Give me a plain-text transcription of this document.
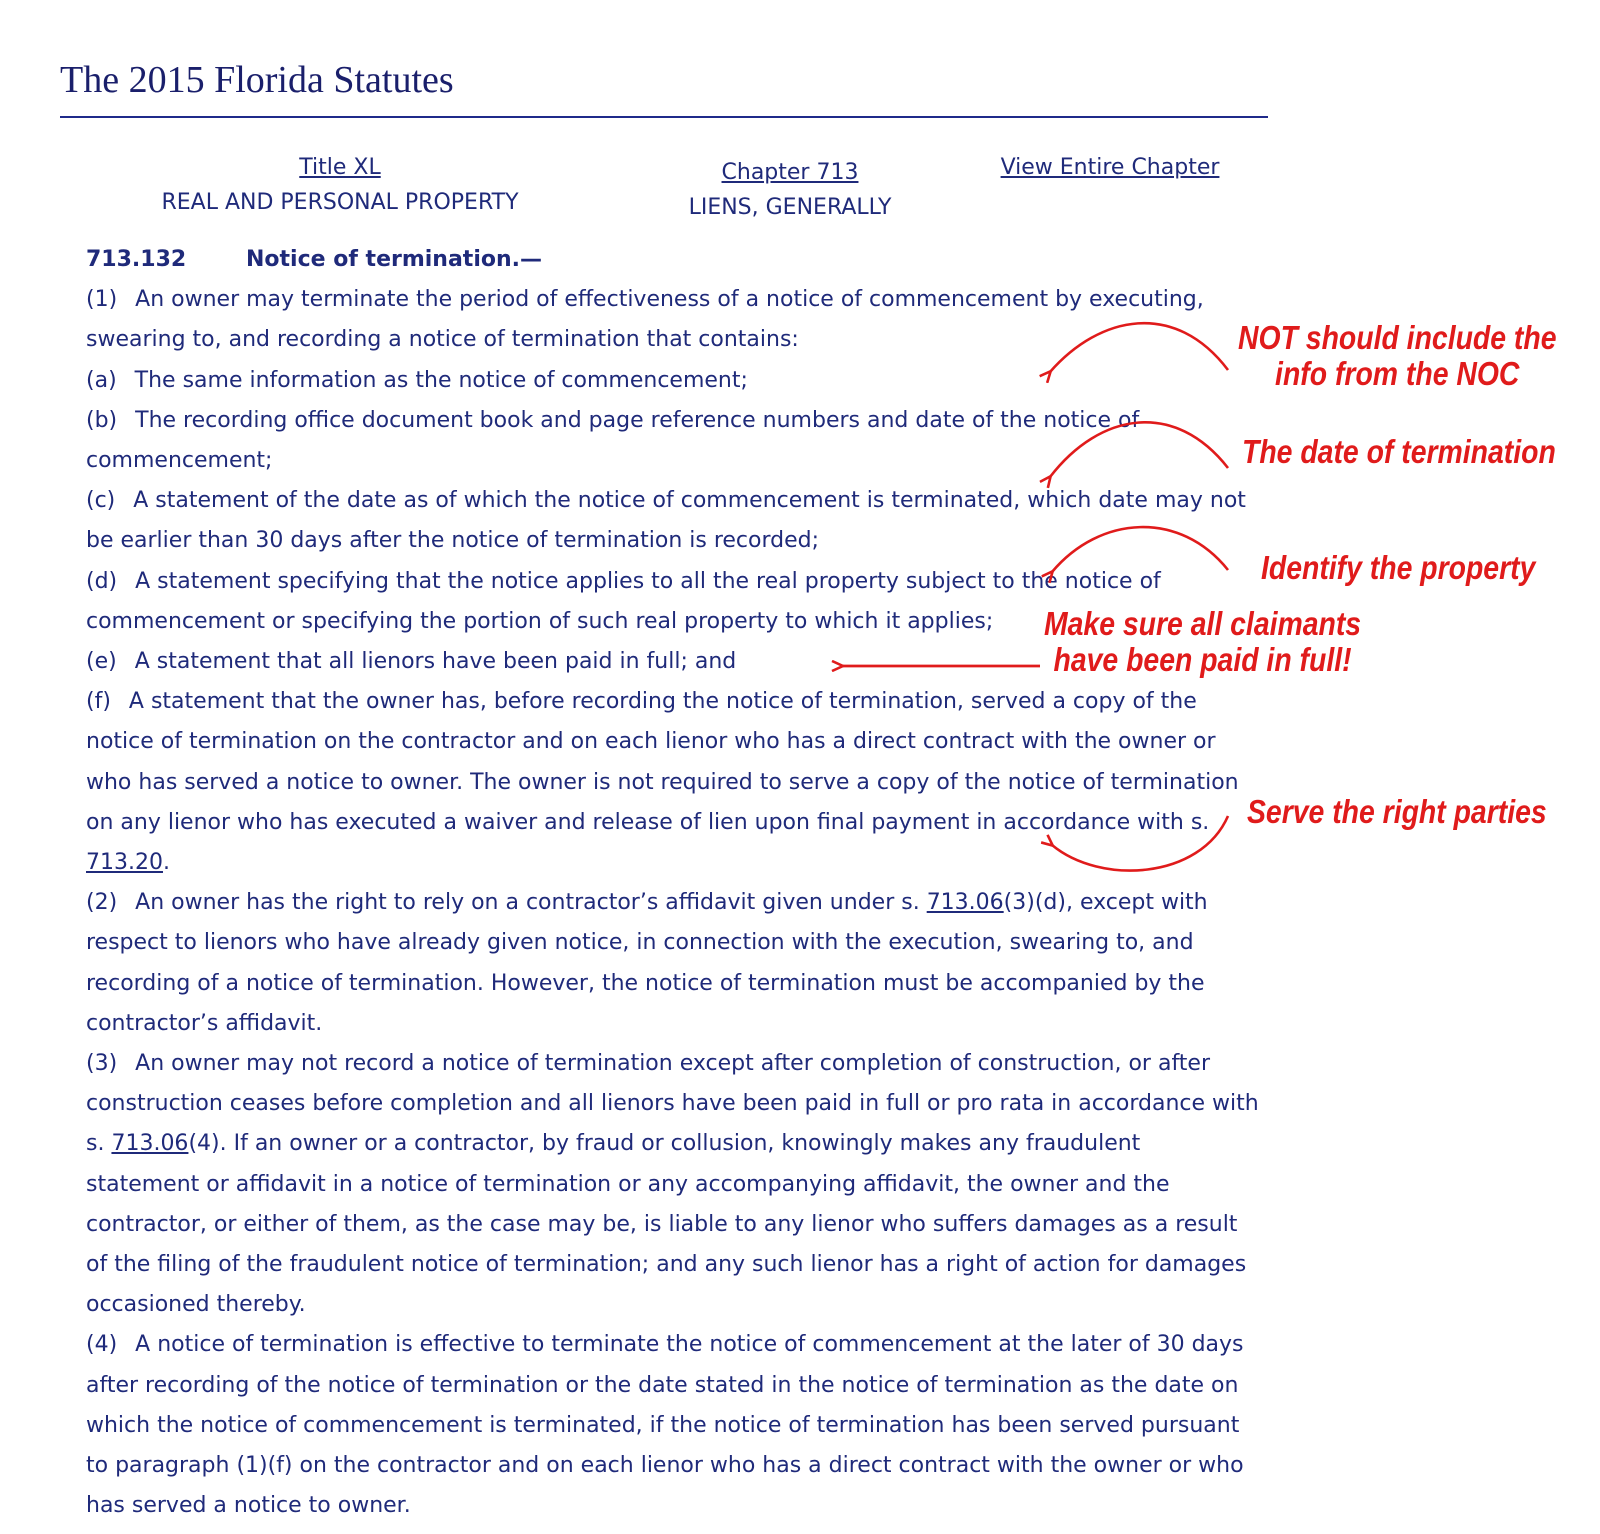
The 2015 Florida Statutes
Title XL
REAL AND PERSONAL PROPERTY
Chapter 713
LIENS, GENERALLY
View Entire Chapter
713.132	Notice of termination.—

(1) An owner may terminate the period of effectiveness of a notice of commencement by executing, swearing to, and recording a notice of termination that contains:

(a) The same information as the notice of commencement;

(b) The recording office document book and page reference numbers and date of the notice of commencement;

(c) A statement of the date as of which the notice of commencement is terminated, which date may not be earlier than 30 days after the notice of termination is recorded;

(d) A statement specifying that the notice applies to all the real property subject to the notice of commencement or specifying the portion of such real property to which it applies;

(e) A statement that all lienors have been paid in full; and

(f) A statement that the owner has, before recording the notice of termination, served a copy of the notice of termination on the contractor and on each lienor who has a direct contract with the owner or who has served a notice to owner. The owner is not required to serve a copy of the notice of termination on any lienor who has executed a waiver and release of lien upon final payment in accordance with s. 713.20.

(2) An owner has the right to rely on a contractor’s affidavit given under s. 713.06(3)(d), except with respect to lienors who have already given notice, in connection with the execution, swearing to, and recording of a notice of termination. However, the notice of termination must be accompanied by the contractor’s affidavit.

(3) An owner may not record a notice of termination except after completion of construction, or after construction ceases before completion and all lienors have been paid in full or pro rata in accordance with s. 713.06(4). If an owner or a contractor, by fraud or collusion, knowingly makes any fraudulent statement or affidavit in a notice of termination or any accompanying affidavit, the owner and the contractor, or either of them, as the case may be, is liable to any lienor who suffers damages as a result of the filing of the fraudulent notice of termination; and any such lienor has a right of action for damages occasioned thereby.

(4) A notice of termination is effective to terminate the notice of commencement at the later of 30 days after recording of the notice of termination or the date stated in the notice of termination as the date on which the notice of commencement is terminated, if the notice of termination has been served pursuant to paragraph (1)(f) on the contractor and on each lienor who has a direct contract with the owner or who has served a notice to owner.

NOT should include the
info from the NOC
The date of termination
Identify the property
Make sure all claimants
have been paid in full!
Serve the right parties
